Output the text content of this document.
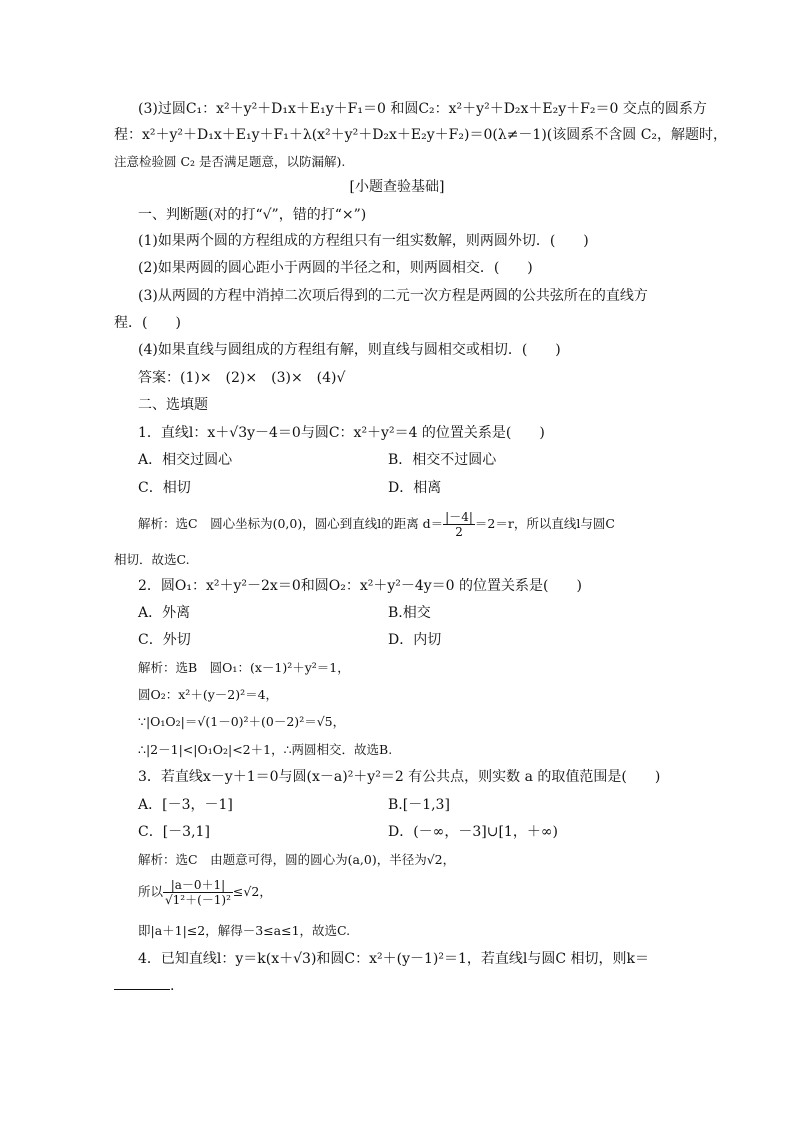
(3)过圆C₁：x²＋y²＋D₁x＋E₁y＋F₁＝0 和圆C₂：x²＋y²＋D₂x＋E₂y＋F₂＝0 交点的圆系方
程：x²＋y²＋D₁x＋E₁y＋F₁＋λ(x²＋y²＋D₂x＋E₂y＋F₂)＝0(λ≠－1)(该圆系不含圆 C₂，解题时，
注意检验圆 C₂ 是否满足题意，以防漏解).
[小题查验基础]
一、判断题(对的打“√”，错的打“×”)
(1)如果两个圆的方程组成的方程组只有一组实数解，则两圆外切．(　　)
(2)如果两圆的圆心距小于两圆的半径之和，则两圆相交．(　　)
(3)从两圆的方程中消掉二次项后得到的二元一次方程是两圆的公共弦所在的直线方
程．(　　)
(4)如果直线与圆组成的方程组有解，则直线与圆相交或相切．(　　)
答案：(1)×　(2)×　(3)×　(4)√
二、选填题
1．直线l：x＋√3y－4＝0与圆C：x²＋y²＝4 的位置关系是(　　)
A．相交过圆心	B．相交不过圆心
C．相切	D．相离
解析：选C　圆心坐标为(0,0)，圆心到直线l的距离 $d= \frac{|-4|}{2} =2=r$，所以直线l与圆C
相切．故选C.
2．圆O₁：x²＋y²－2x＝0和圆O₂：x²＋y²－4y＝0 的位置关系是(　　)
A．外离	B.相交
C．外切	D．内切
解析：选B　圆O₁：(x－1)²＋y²＝1，
圆O₂：x²＋(y－2)²＝4，
∵|O₁O₂|＝√(1－0)²＋(0－2)²＝√5，
∴|2－1|<|O₁O₂|<2＋1，∴两圆相交．故选B.
3．若直线x－y＋1＝0与圆(x－a)²＋y²＝2 有公共点，则实数 a 的取值范围是(　　)
A．[－3，－1]	B.[－1,3]
C．[－3,1]	D．(－∞，－3]∪[1，＋∞)
解析：选C　由题意可得，圆的圆心为(a,0)，半径为√2，
所以 $\frac{|a-0+1|}{\text{√1²＋(－1)²}} \le√2$，
即|a＋1|≤2，解得－3≤a≤1，故选C.
4．已知直线l：y＝k(x＋√3)和圆C：x²＋(y－1)²＝1，若直线l与圆C 相切，则k＝
.
